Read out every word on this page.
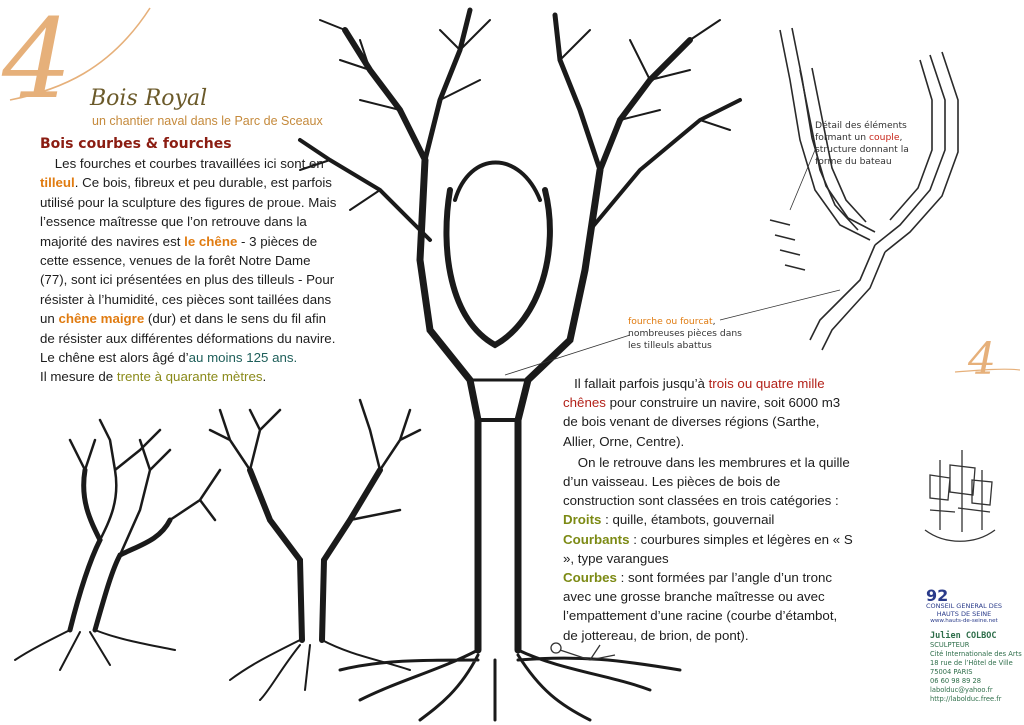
4 Bois Royal
un chantier naval dans le Parc de Sceaux
Bois courbes & fourches
Les fourches et courbes travaillées ici sont en tilleul. Ce bois, fibreux et peu durable, est parfois utilisé pour la sculpture des figures de proue. Mais l’essence maîtresse que l’on retrouve dans la majorité des navires est le chêne - 3 pièces de cette essence, venues de la forêt Notre Dame (77), sont ici présentées en plus des tilleuls - Pour résister à l’humidité, ces pièces sont taillées dans un chêne maigre (dur) et dans le sens du fil afin de résister aux différentes déformations du navire.
Le chêne est alors âgé d’au moins 125 ans.
Il mesure de trente à quarante mètres.
Détail des éléments formant un couple, structure donnant la forme du bateau
fourche ou fourcat, nombreuses pièces dans les tilleuls abattus
Il fallait parfois jusqu’à trois ou quatre mille chênes pour construire un navire, soit 6000 m3 de bois venant de diverses régions (Sarthe, Allier, Orne, Centre).
On le retrouve dans les membrures et la quille d’un vaisseau. Les pièces de bois de construction sont classées en trois catégories :
Droits : quille, étambots, gouvernail
Courbants : courbures simples et légères en « S », type varangues
Courbes : sont formées par l’angle d’un tronc avec une grosse branche maîtresse ou avec l’empattement d’une racine (courbe d’étambot, de jottereau, de brion, de pont).
4
92
CONSEIL GENERAL DES HAUTS DE SEINE
www.hauts-de-seine.net
Julien COLBOC
SCULPTEUR
Cité Internationale des Arts
18 rue de l’Hôtel de Ville
75004 PARIS
06 60 98 89 28
labolduc@yahoo.fr
http://labolduc.free.fr
